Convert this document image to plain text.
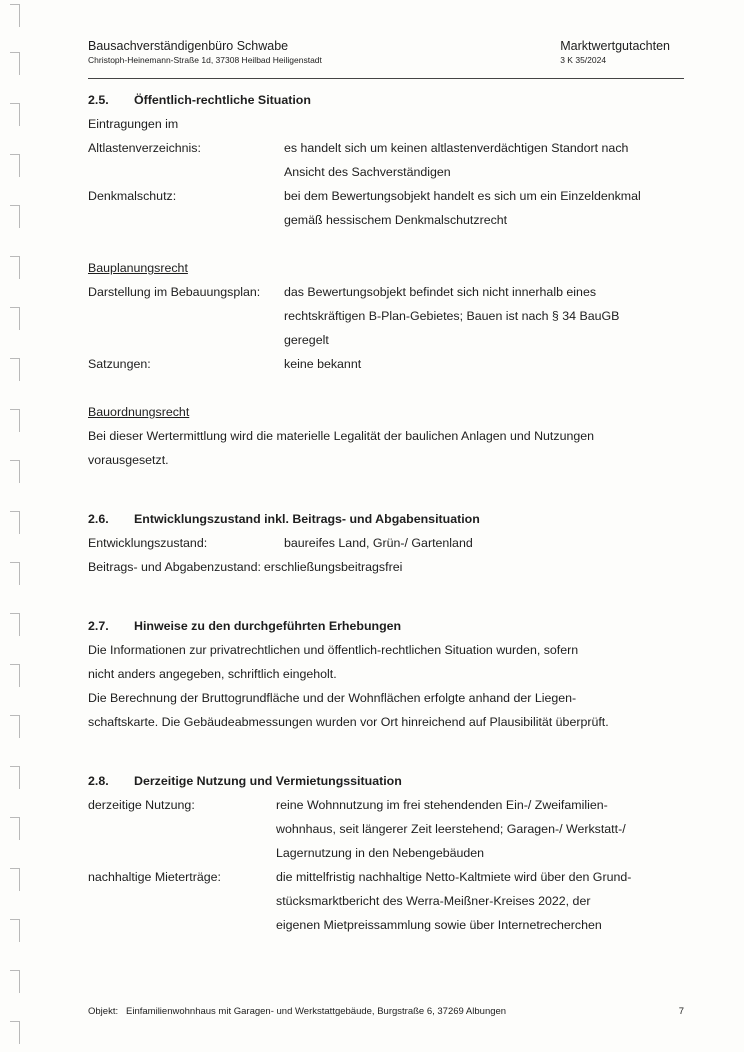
Bausachverständigenbüro Schwabe
Christoph-Heinemann-Straße 1d, 37308 Heilbad Heiligenstadt
Marktwertgutachten
3 K 35/2024
2.5. Öffentlich-rechtliche Situation
Eintragungen im
Altlastenverzeichnis:	es handelt sich um keinen altlastenverdächtigen Standort nach
Ansicht des Sachverständigen
Denkmalschutz:	bei dem Bewertungsobjekt handelt es sich um ein Einzeldenkmal
gemäß hessischem Denkmalschutzrecht
Bauplanungsrecht
Darstellung im Bebauungsplan:	das Bewertungsobjekt befindet sich nicht innerhalb eines
rechtskräftigen B-Plan-Gebietes; Bauen ist nach § 34 BauGB
geregelt
Satzungen:	keine bekannt
Bauordnungsrecht
Bei dieser Wertermittlung wird die materielle Legalität der baulichen Anlagen und Nutzungen
vorausgesetzt.
2.6. Entwicklungszustand inkl. Beitrags- und Abgabensituation
Entwicklungszustand:	baureifes Land, Grün-/ Gartenland
Beitrags- und Abgabenzustand: erschließungsbeitragsfrei
2.7. Hinweise zu den durchgeführten Erhebungen
Die Informationen zur privatrechtlichen und öffentlich-rechtlichen Situation wurden, sofern
nicht anders angegeben, schriftlich eingeholt.
Die Berechnung der Bruttogrundfläche und der Wohnflächen erfolgte anhand der Liegen-
schaftskarte. Die Gebäudeabmessungen wurden vor Ort hinreichend auf Plausibilität überprüft.
2.8. Derzeitige Nutzung und Vermietungssituation
derzeitige Nutzung:	reine Wohnnutzung im frei stehendenden Ein-/ Zweifamilien-
wohnhaus, seit längerer Zeit leerstehend; Garagen-/ Werkstatt-/
Lagernutzung in den Nebengebäuden
nachhaltige Mieterträge:	die mittelfristig nachhaltige Netto-Kaltmiete wird über den Grund-
stücksmarktbericht des Werra-Meißner-Kreises 2022, der
eigenen Mietpreissammlung sowie über Internetrecherchen
Objekt:   Einfamilienwohnhaus mit Garagen- und Werkstattgebäude, Burgstraße 6, 37269 Albungen	7
